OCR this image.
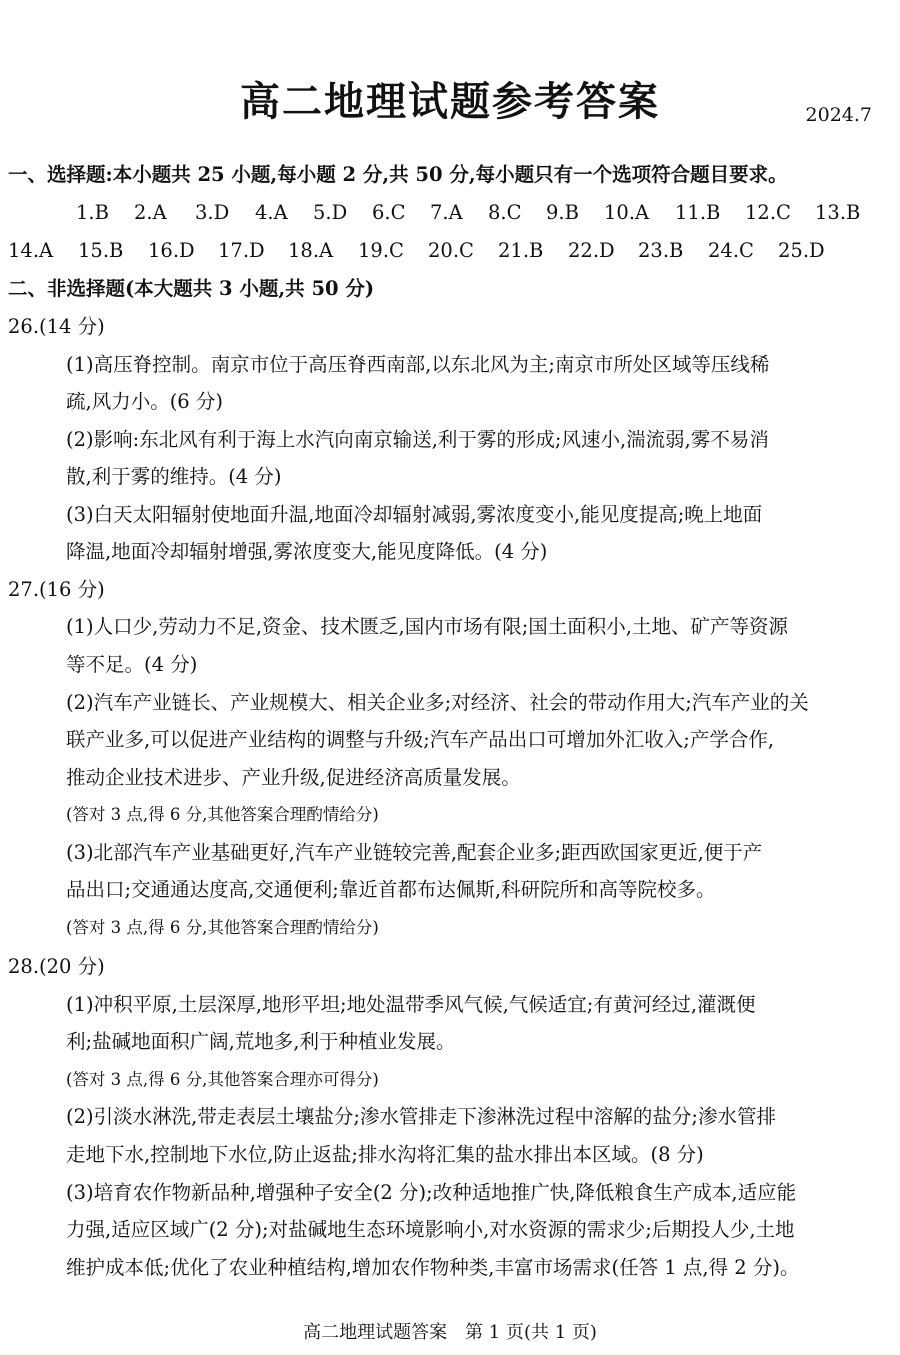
高二地理试题参考答案	2024.7
一、选择题:本小题共 25 小题,每小题 2 分,共 50 分,每小题只有一个选项符合题目要求。
1.B 2.A 3.D 4.A 5.D 6.C 7.A 8.C 9.B 10.A 11.B 12.C 13.B
14.A 15.B 16.D 17.D 18.A 19.C 20.C 21.B 22.D 23.B 24.C 25.D
二、非选择题(本大题共 3 小题,共 50 分)
26.(14 分)
(1)高压脊控制。南京市位于高压脊西南部,以东北风为主;南京市所处区域等压线稀
疏,风力小。(6 分)
(2)影响:东北风有利于海上水汽向南京输送,利于雾的形成;风速小,湍流弱,雾不易消
散,利于雾的维持。(4 分)
(3)白天太阳辐射使地面升温,地面冷却辐射减弱,雾浓度变小,能见度提高;晚上地面
降温,地面冷却辐射增强,雾浓度变大,能见度降低。(4 分)
27.(16 分)
(1)人口少,劳动力不足,资金、技术匮乏,国内市场有限;国土面积小,土地、矿产等资源
等不足。(4 分)
(2)汽车产业链长、产业规模大、相关企业多;对经济、社会的带动作用大;汽车产业的关
联产业多,可以促进产业结构的调整与升级;汽车产品出口可增加外汇收入;产学合作,
推动企业技术进步、产业升级,促进经济高质量发展。
(答对 3 点,得 6 分,其他答案合理酌情给分)
(3)北部汽车产业基础更好,汽车产业链较完善,配套企业多;距西欧国家更近,便于产
品出口;交通通达度高,交通便利;靠近首都布达佩斯,科研院所和高等院校多。
(答对 3 点,得 6 分,其他答案合理酌情给分)
28.(20 分)
(1)冲积平原,土层深厚,地形平坦;地处温带季风气候,气候适宜;有黄河经过,灌溉便
利;盐碱地面积广阔,荒地多,利于种植业发展。
(答对 3 点,得 6 分,其他答案合理亦可得分)
(2)引淡水淋洗,带走表层土壤盐分;渗水管排走下渗淋洗过程中溶解的盐分;渗水管排
走地下水,控制地下水位,防止返盐;排水沟将汇集的盐水排出本区域。(8 分)
(3)培育农作物新品种,增强种子安全(2 分);改种适地推广快,降低粮食生产成本,适应能
力强,适应区域广(2 分);对盐碱地生态环境影响小,对水资源的需求少;后期投人少,土地
维护成本低;优化了农业种植结构,增加农作物种类,丰富市场需求(任答 1 点,得 2 分)。
高二地理试题答案　第 1 页(共 1 页)
